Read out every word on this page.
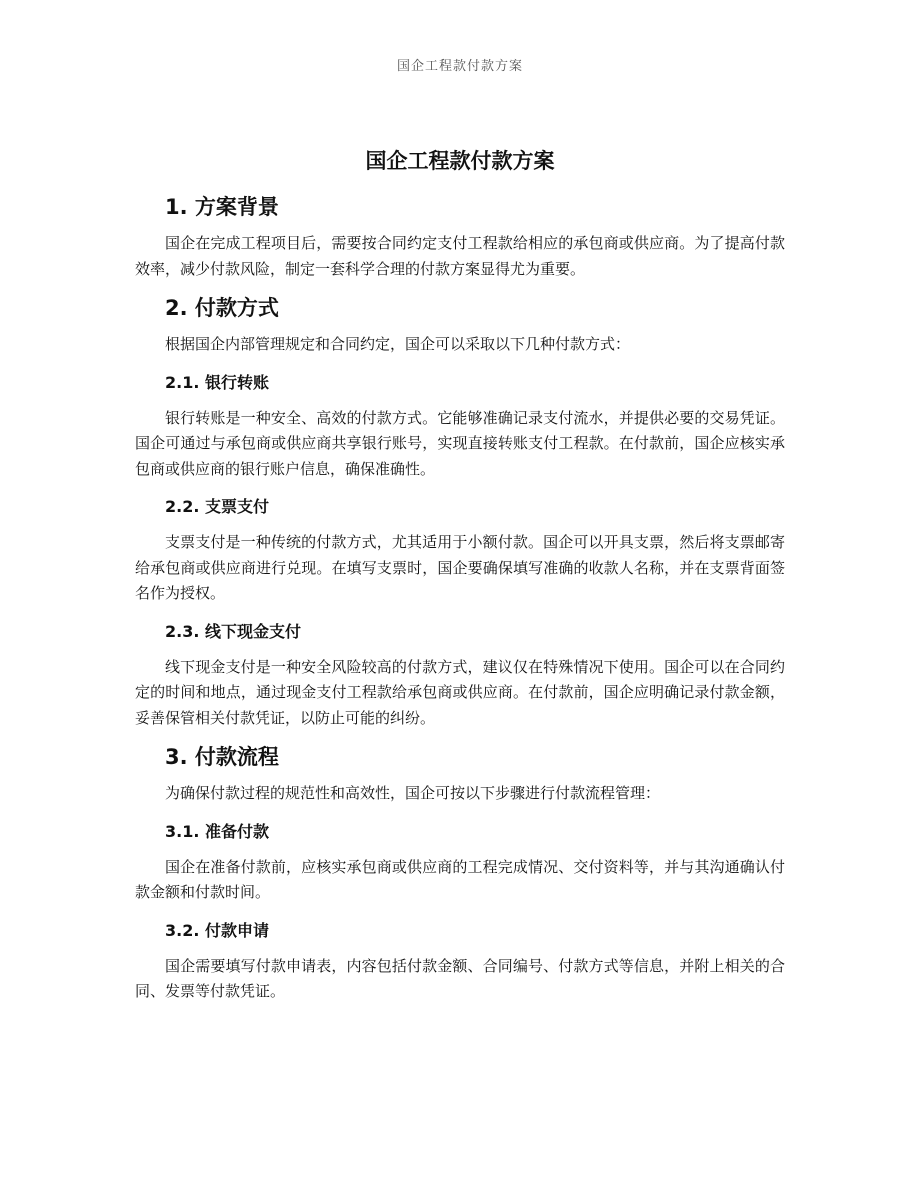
国企工程款付款方案
国企工程款付款方案
1. 方案背景

国企在完成工程项目后，需要按合同约定支付工程款给相应的承包商或供应商。为了提高付款效率，减少付款风险，制定一套科学合理的付款方案显得尤为重要。

2. 付款方式

根据国企内部管理规定和合同约定，国企可以采取以下几种付款方式：

2.1. 银行转账

银行转账是一种安全、高效的付款方式。它能够准确记录支付流水，并提供必要的交易凭证。国企可通过与承包商或供应商共享银行账号，实现直接转账支付工程款。在付款前，国企应核实承包商或供应商的银行账户信息，确保准确性。

2.2. 支票支付

支票支付是一种传统的付款方式，尤其适用于小额付款。国企可以开具支票，然后将支票邮寄给承包商或供应商进行兑现。在填写支票时，国企要确保填写准确的收款人名称，并在支票背面签名作为授权。

2.3. 线下现金支付

线下现金支付是一种安全风险较高的付款方式，建议仅在特殊情况下使用。国企可以在合同约定的时间和地点，通过现金支付工程款给承包商或供应商。在付款前，国企应明确记录付款金额，妥善保管相关付款凭证，以防止可能的纠纷。

3. 付款流程

为确保付款过程的规范性和高效性，国企可按以下步骤进行付款流程管理：

3.1. 准备付款

国企在准备付款前，应核实承包商或供应商的工程完成情况、交付资料等，并与其沟通确认付款金额和付款时间。

3.2. 付款申请

国企需要填写付款申请表，内容包括付款金额、合同编号、付款方式等信息，并附上相关的合同、发票等付款凭证。
